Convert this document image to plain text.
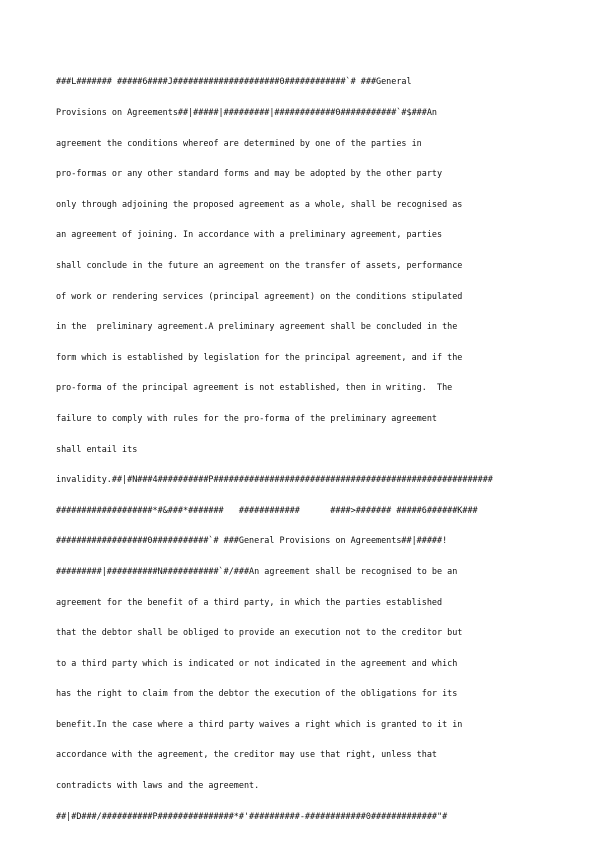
###L####### #####6####J#####################0############`# ###General

Provisions on Agreements##|#####|#########|############0###########`#$###An

agreement the conditions whereof are determined by one of the parties in

pro-formas or any other standard forms and may be adopted by the other party

only through adjoining the proposed agreement as a whole, shall be recognised as

an agreement of joining. In accordance with a preliminary agreement, parties

shall conclude in the future an agreement on the transfer of assets, performance

of work or rendering services (principal agreement) on the conditions stipulated

in the  preliminary agreement.A preliminary agreement shall be concluded in the

form which is established by legislation for the principal agreement, and if the

pro-forma of the principal agreement is not established, then in writing.  The

failure to comply with rules for the pro-forma of the preliminary agreement

shall entail its

invalidity.##|#N###4##########P#######################################################

###################*#&###*#######   ############      ####>####### #####6######K###

##################0###########`# ###General Provisions on Agreements##|#####!

#########|##########N###########`#/###An agreement shall be recognised to be an

agreement for the benefit of a third party, in which the parties established

that the debtor shall be obliged to provide an execution not to the creditor but

to a third party which is indicated or not indicated in the agreement and which

has the right to claim from the debtor the execution of the obligations for its

benefit.In the case where a third party waives a right which is granted to it in

accordance with the agreement, the creditor may use that right, unless that

contradicts with laws and the agreement.

##|#D###/##########P###############*#'##########-############0#############"#
